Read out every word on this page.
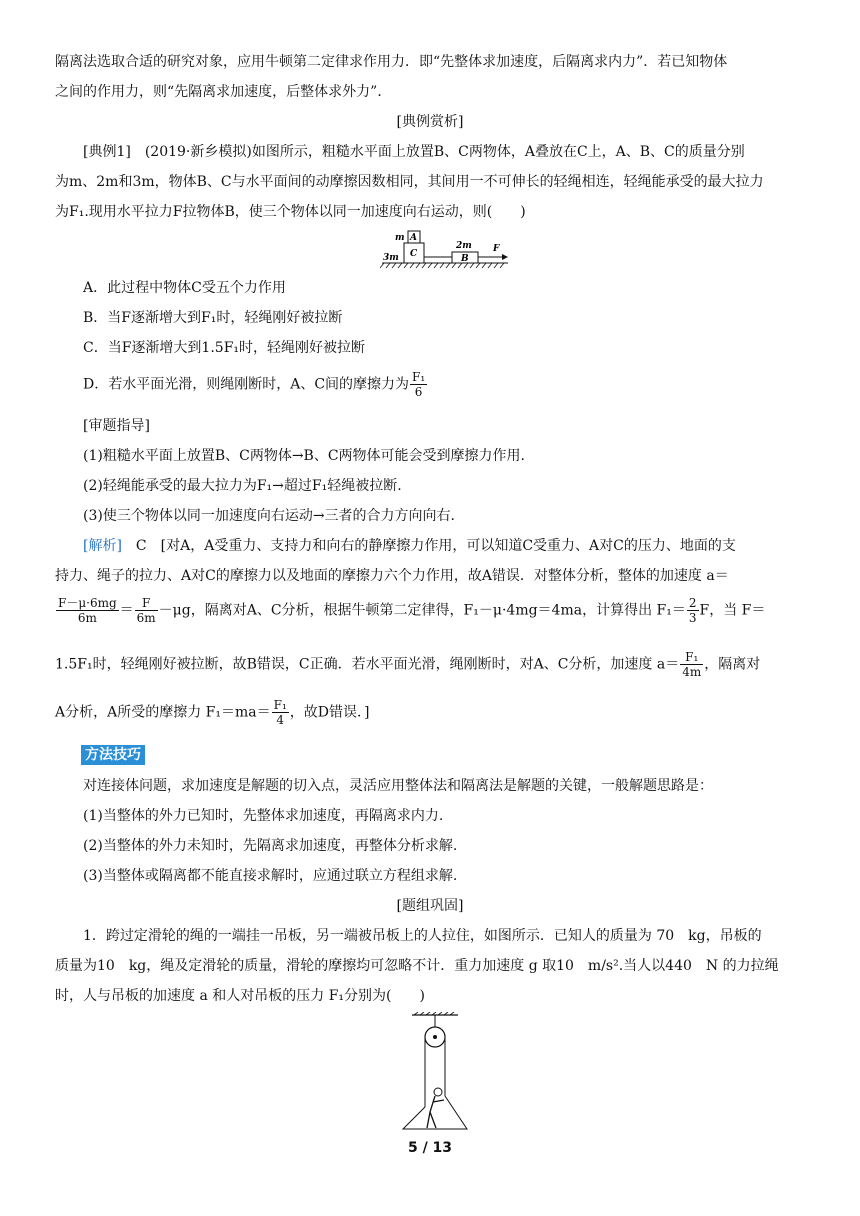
隔离法选取合适的研究对象，应用牛顿第二定律求作用力．即“先整体求加速度，后隔离求内力”．若已知物体
之间的作用力，则“先隔离求加速度，后整体求外力”．
[典例赏析]
[典例1]　(2019·新乡模拟)如图所示，粗糙水平面上放置B、C两物体，A叠放在C上，A、B、C的质量分别
为m、2m和3m，物体B、C与水平面间的动摩擦因数相同，其间用一不可伸长的轻绳相连，轻绳能承受的最大拉力
为F₁.现用水平拉力F拉物体B，使三个物体以同一加速度向右运动，则(　　)
m A
3m C
2m
B
F
A．此过程中物体C受五个力作用
B．当F逐渐增大到F₁时，轻绳刚好被拉断
C．当F逐渐增大到1.5F₁时，轻绳刚好被拉断
D．若水平面光滑，则绳刚断时，A、C间的摩擦力为 $\frac{\text{F₁}}{6}$
[审题指导]
(1)粗糙水平面上放置B、C两物体→B、C两物体可能会受到摩擦力作用.
(2)轻绳能承受的最大拉力为F₁→超过F₁轻绳被拉断.
(3)使三个物体以同一加速度向右运动→三者的合力方向向右.
[解析]　C　[对A，A受重力、支持力和向右的静摩擦力作用，可以知道C受重力、A对C的压力、地面的支
持力、绳子的拉力、A对C的摩擦力以及地面的摩擦力六个力作用，故A错误．对整体分析，整体的加速度 a＝
$\frac{F-\mu\cdot 6mg}{6m} = \frac{F}{6m} -\mu g$，隔离对A、C分析，根据牛顿第二定律得，F₁－μ·4mg＝4ma，计算得出 $F_1= \frac{2}{3}$ F，当 F＝
1.5F₁时，轻绳刚好被拉断，故B错误，C正确．若水平面光滑，绳刚断时，对A、C分析，加速度 $a= \frac{\text{F₁}}{4m}$ ，隔离对
A分析，A所受的摩擦力 $F_1=ma= \frac{\text{F₁}}{4}$ ，故D错误．]
方法技巧
对连接体问题，求加速度是解题的切入点，灵活应用整体法和隔离法是解题的关键，一般解题思路是：
(1)当整体的外力已知时，先整体求加速度，再隔离求内力.
(2)当整体的外力未知时，先隔离求加速度，再整体分析求解.
(3)当整体或隔离都不能直接求解时，应通过联立方程组求解.
[题组巩固]
1．跨过定滑轮的绳的一端挂一吊板，另一端被吊板上的人拉住，如图所示．已知人的质量为 70　kg，吊板的
质量为10　kg，绳及定滑轮的质量，滑轮的摩擦均可忽略不计．重力加速度 g 取10　m/s².当人以440　N 的力拉绳
时，人与吊板的加速度 a 和人对吊板的压力 F₁分别为(　　)
5 / 13
